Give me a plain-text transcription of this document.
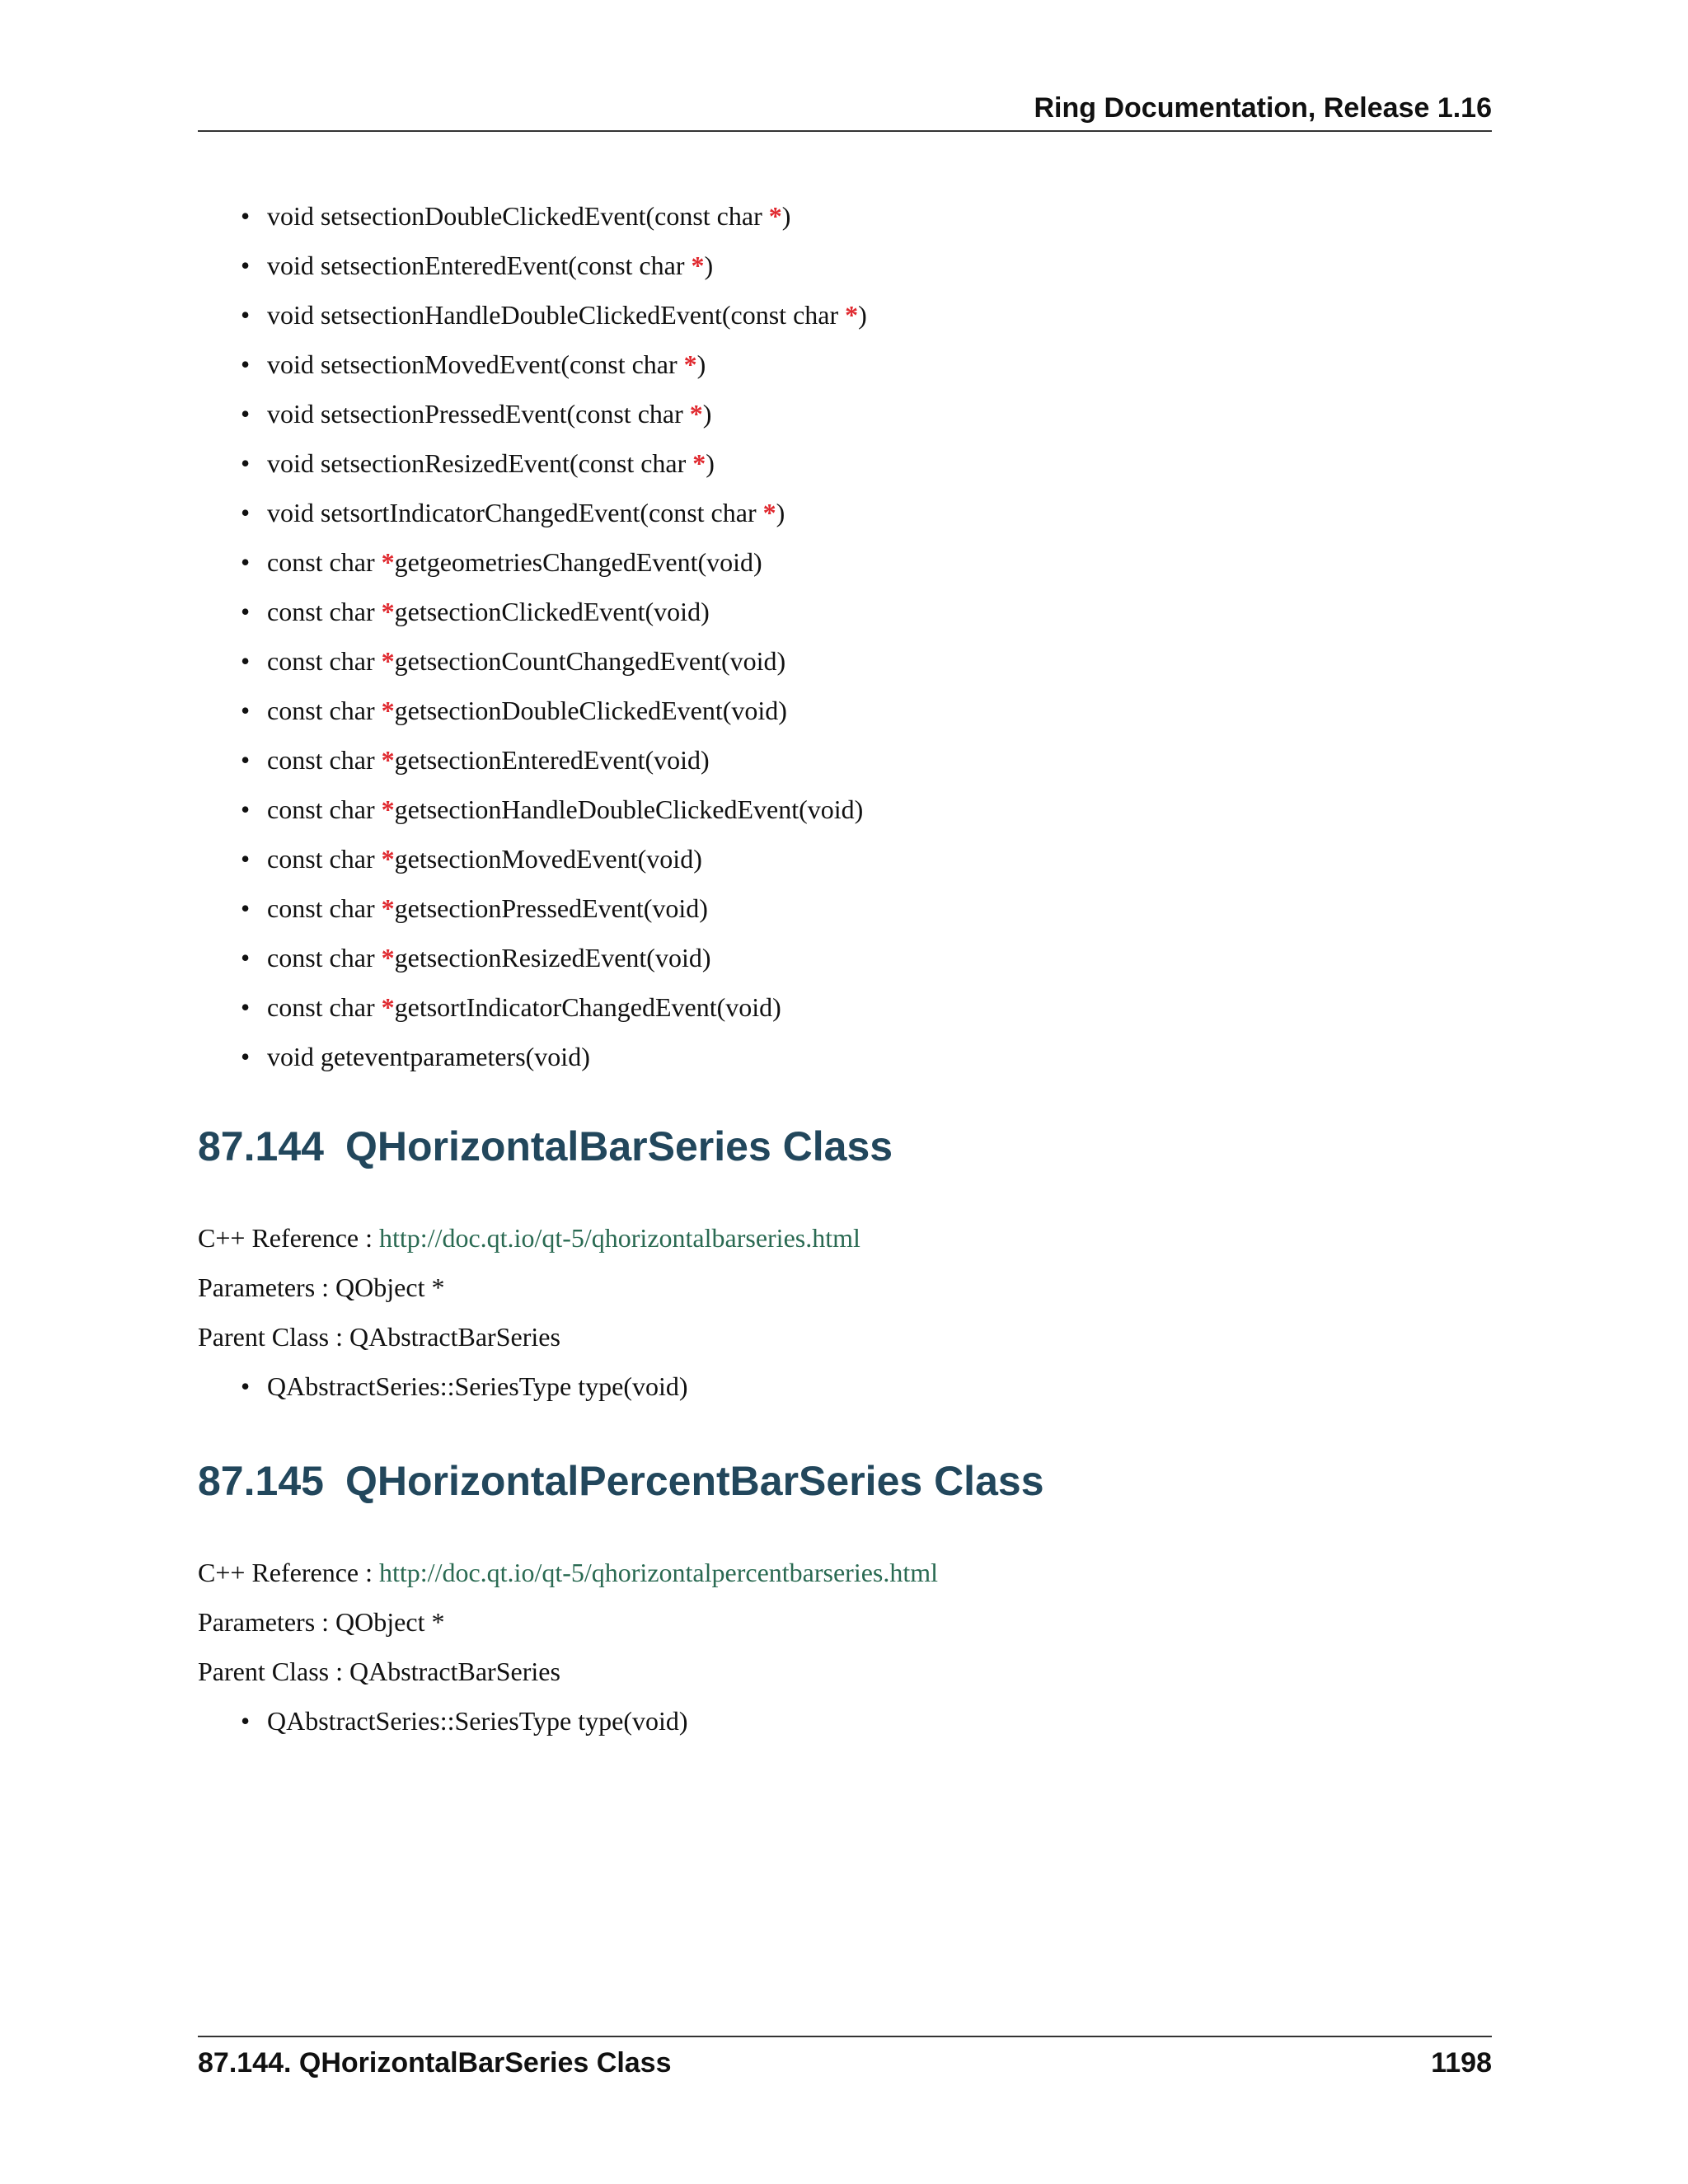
Ring Documentation, Release 1.16
• void setsectionDoubleClickedEvent(const char *)
• void setsectionEnteredEvent(const char *)
• void setsectionHandleDoubleClickedEvent(const char *)
• void setsectionMovedEvent(const char *)
• void setsectionPressedEvent(const char *)
• void setsectionResizedEvent(const char *)
• void setsortIndicatorChangedEvent(const char *)
• const char *getgeometriesChangedEvent(void)
• const char *getsectionClickedEvent(void)
• const char *getsectionCountChangedEvent(void)
• const char *getsectionDoubleClickedEvent(void)
• const char *getsectionEnteredEvent(void)
• const char *getsectionHandleDoubleClickedEvent(void)
• const char *getsectionMovedEvent(void)
• const char *getsectionPressedEvent(void)
• const char *getsectionResizedEvent(void)
• const char *getsortIndicatorChangedEvent(void)
• void geteventparameters(void)
87.144 QHorizontalBarSeries Class
C++ Reference : http://doc.qt.io/qt-5/qhorizontalbarseries.html
Parameters : QObject *
Parent Class : QAbstractBarSeries
• QAbstractSeries::SeriesType type(void)
87.145 QHorizontalPercentBarSeries Class
C++ Reference : http://doc.qt.io/qt-5/qhorizontalpercentbarseries.html
Parameters : QObject *
Parent Class : QAbstractBarSeries
• QAbstractSeries::SeriesType type(void)
87.144. QHorizontalBarSeries Class	1198
